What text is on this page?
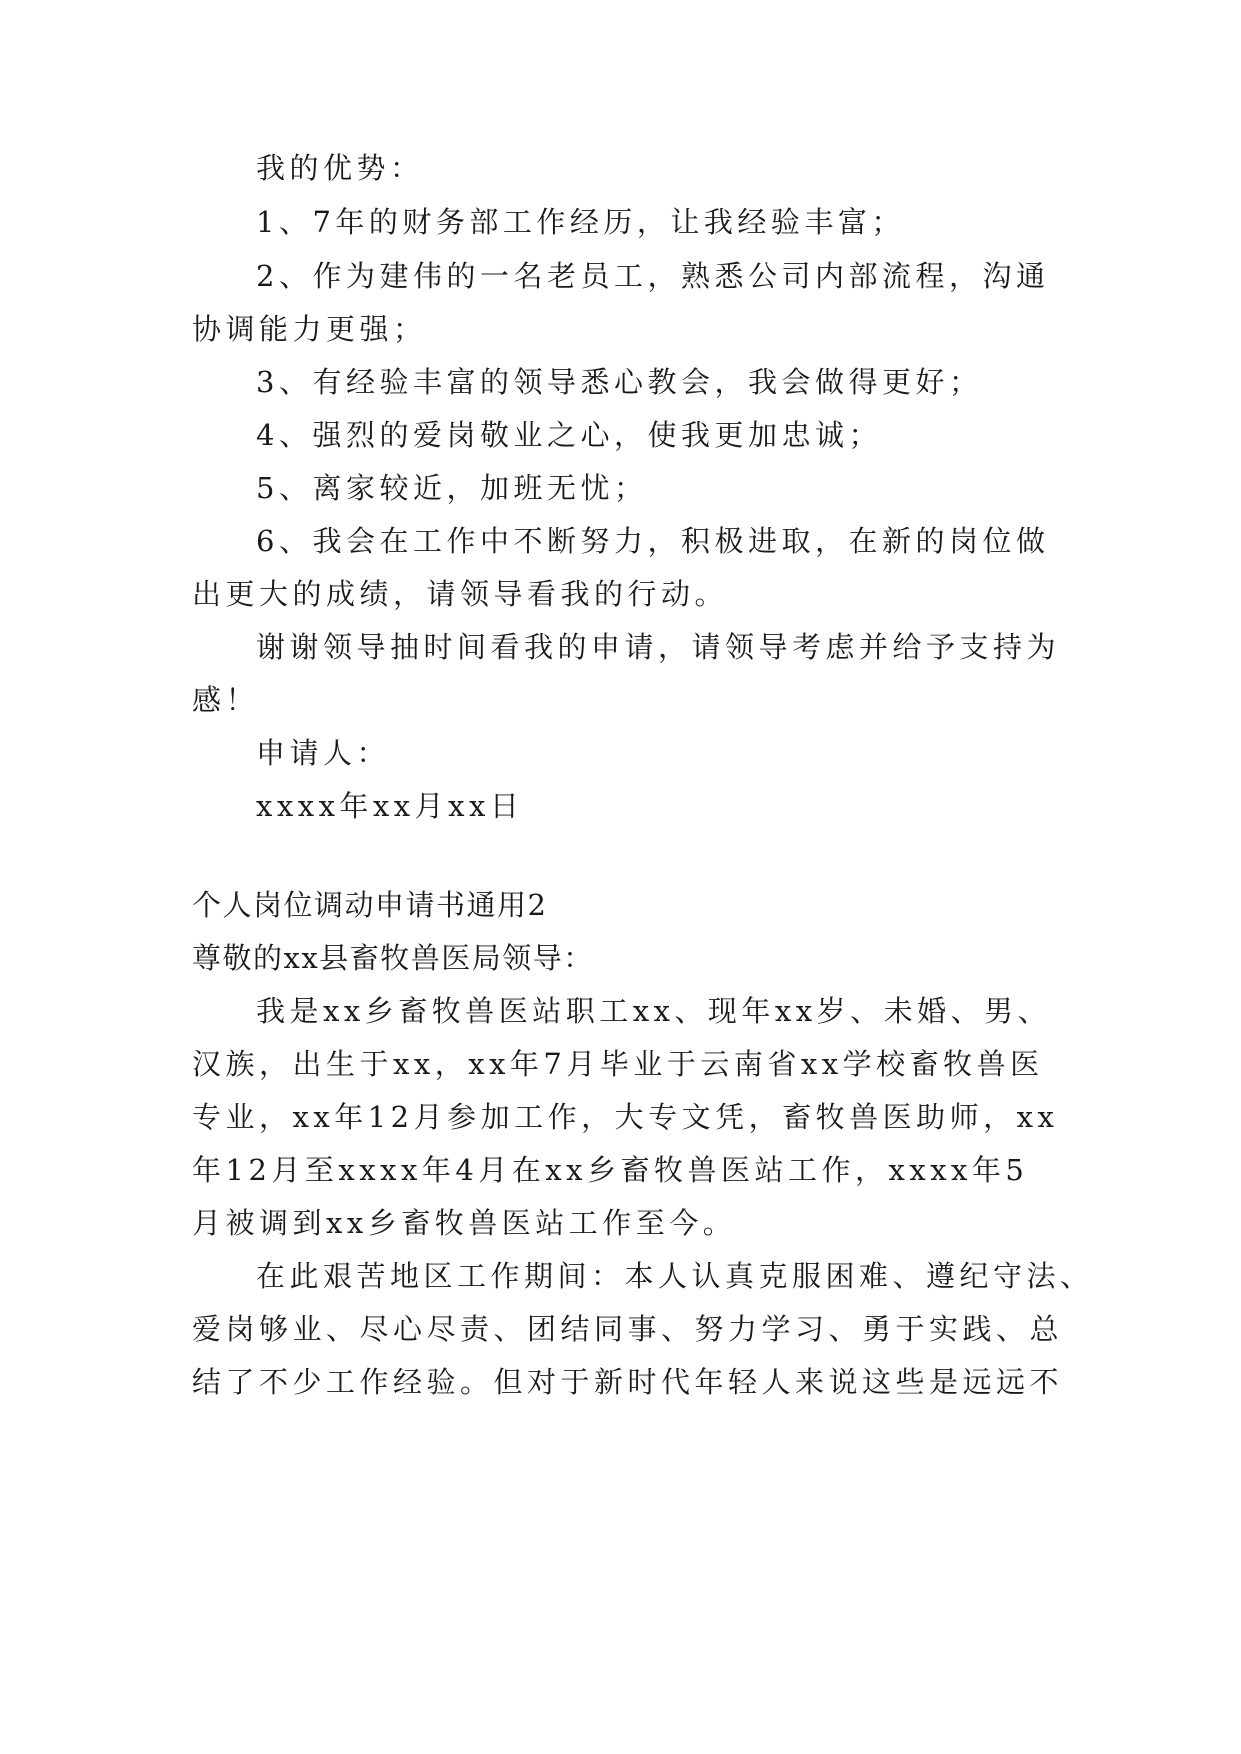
我的优势：
1、7年的财务部工作经历，让我经验丰富；
2、作为建伟的一名老员工，熟悉公司内部流程，沟通
协调能力更强；
3、有经验丰富的领导悉心教会，我会做得更好；
4、强烈的爱岗敬业之心，使我更加忠诚；
5、离家较近，加班无忧；
6、我会在工作中不断努力，积极进取，在新的岗位做
出更大的成绩，请领导看我的行动。
谢谢领导抽时间看我的申请，请领导考虑并给予支持为
感！
申请人：
xxxx年xx月xx日
个人岗位调动申请书通用2
尊敬的xx县畜牧兽医局领导：
我是xx乡畜牧兽医站职工xx、现年xx岁、未婚、男、
汉族，出生于xx，xx年7月毕业于云南省xx学校畜牧兽医
专业，xx年12月参加工作，大专文凭，畜牧兽医助师，xx
年12月至xxxx年4月在xx乡畜牧兽医站工作，xxxx年5
月被调到xx乡畜牧兽医站工作至今。
在此艰苦地区工作期间：本人认真克服困难、遵纪守法、
爱岗够业、尽心尽责、团结同事、努力学习、勇于实践、总
结了不少工作经验。但对于新时代年轻人来说这些是远远不
